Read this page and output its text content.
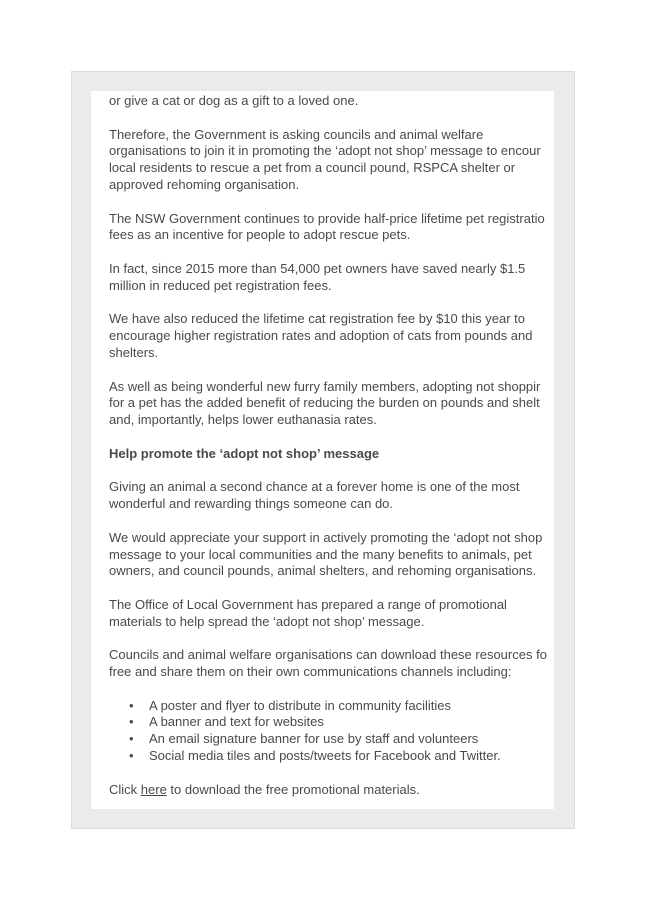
or give a cat or dog as a gift to a loved one.

Therefore, the Government is asking councils and animal welfare

organisations to join it in promoting the ‘adopt not shop’ message to encour

local residents to rescue a pet from a council pound, RSPCA shelter or

approved rehoming organisation.

The NSW Government continues to provide half-price lifetime pet registratio

fees as an incentive for people to adopt rescue pets.

In fact, since 2015 more than 54,000 pet owners have saved nearly $1.5

million in reduced pet registration fees.

We have also reduced the lifetime cat registration fee by $10 this year to

encourage higher registration rates and adoption of cats from pounds and

shelters.

As well as being wonderful new furry family members, adopting not shoppir

for a pet has the added benefit of reducing the burden on pounds and shelt

and, importantly, helps lower euthanasia rates.

Help promote the ‘adopt not shop’ message

Giving an animal a second chance at a forever home is one of the most

wonderful and rewarding things someone can do.

We would appreciate your support in actively promoting the ‘adopt not shop

message to your local communities and the many benefits to animals, pet

owners, and council pounds, animal shelters, and rehoming organisations.

The Office of Local Government has prepared a range of promotional

materials to help spread the ‘adopt not shop’ message.

Councils and animal welfare organisations can download these resources fo

free and share them on their own communications channels including:

• A poster and flyer to distribute in community facilities
• A banner and text for websites
• An email signature banner for use by staff and volunteers
• Social media tiles and posts/tweets for Facebook and Twitter.

Click here to download the free promotional materials.
